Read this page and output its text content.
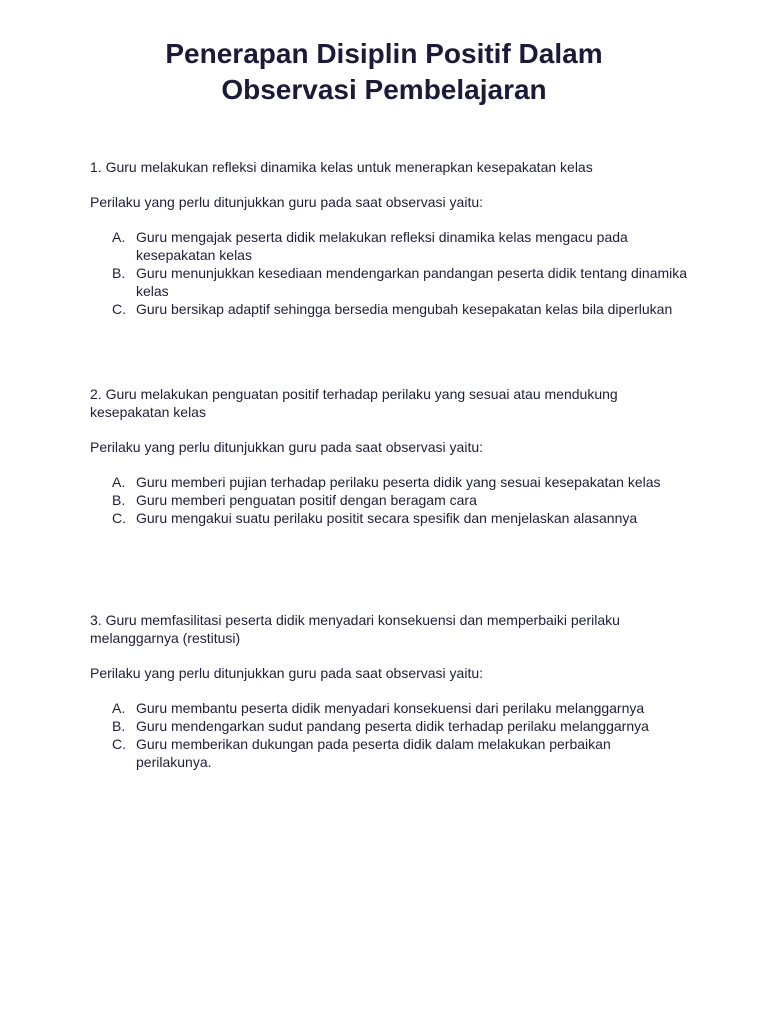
Penerapan Disiplin Positif Dalam
Observasi Pembelajaran

1. Guru melakukan refleksi dinamika kelas untuk menerapkan kesepakatan kelas

Perilaku yang perlu ditunjukkan guru pada saat observasi yaitu:

A. Guru mengajak peserta didik melakukan refleksi dinamika kelas mengacu pada kesepakatan kelas
B. Guru menunjukkan kesediaan mendengarkan pandangan peserta didik tentang dinamika kelas
C. Guru bersikap adaptif sehingga bersedia mengubah kesepakatan kelas bila diperlukan

2. Guru melakukan penguatan positif terhadap perilaku yang sesuai atau mendukung kesepakatan kelas

Perilaku yang perlu ditunjukkan guru pada saat observasi yaitu:

A. Guru memberi pujian terhadap perilaku peserta didik yang sesuai kesepakatan kelas
B. Guru memberi penguatan positif dengan beragam cara
C. Guru mengakui suatu perilaku positit secara spesifik dan menjelaskan alasannya

3. Guru memfasilitasi peserta didik menyadari konsekuensi dan memperbaiki perilaku melanggarnya (restitusi)

Perilaku yang perlu ditunjukkan guru pada saat observasi yaitu:

A. Guru membantu peserta didik menyadari konsekuensi dari perilaku melanggarnya
B. Guru mendengarkan sudut pandang peserta didik terhadap perilaku melanggarnya
C. Guru memberikan dukungan pada peserta didik dalam melakukan perbaikan perilakunya.
